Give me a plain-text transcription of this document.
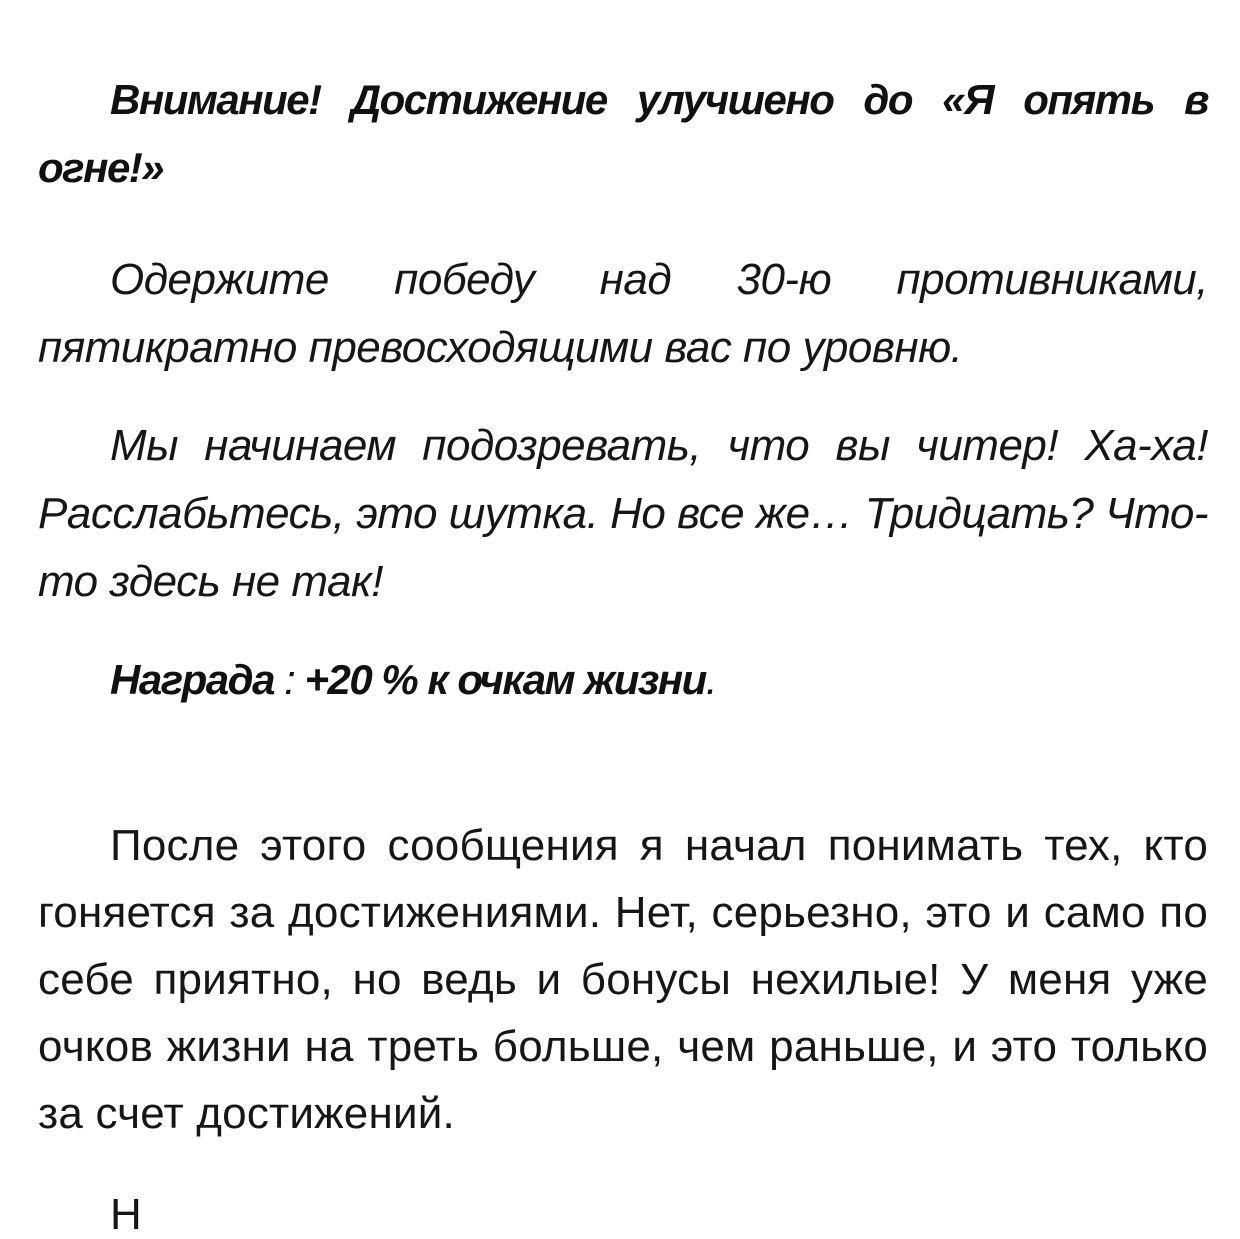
Внимание! Достижение улучшено до «Я опять в огне!»

Одержите победу над 30-ю противниками, пятикратно превосходящими вас по уровню.

Мы начинаем подозревать, что вы читер! Ха-ха! Расслабьтесь, это шутка. Но все же… Тридцать? Что-то здесь не так!

Награда : +20 % к очкам жизни.

После этого сообщения я начал понимать тех, кто гоняется за достижениями. Нет, серьезно, это и само по себе приятно, но ведь и бонусы нехилые! У меня уже очков жизни на треть больше, чем раньше, и это только за счет достижений.

Н
